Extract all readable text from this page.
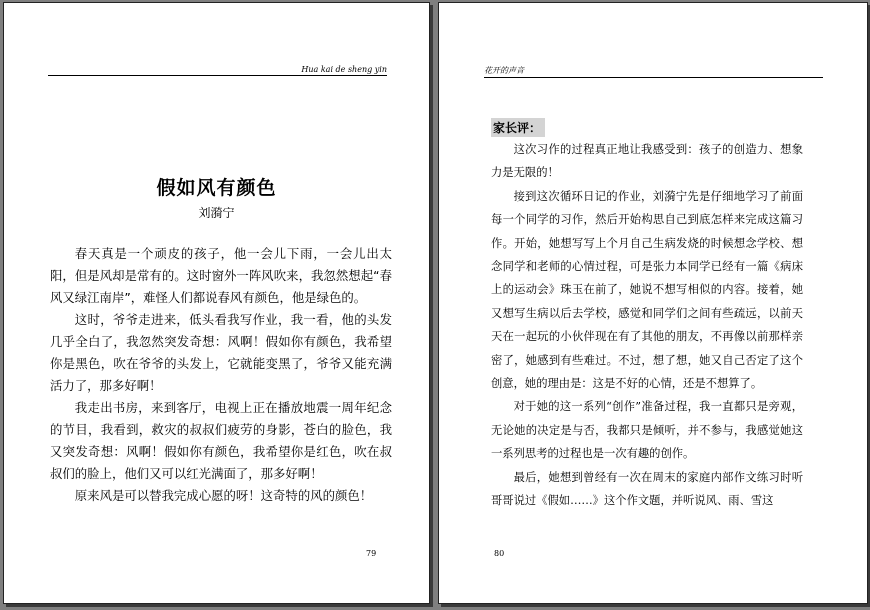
Hua kai de sheng yin
假如风有颜色
刘漪宁

春天真是一个顽皮的孩子，他一会儿下雨，一会儿出太阳，但是风却是常有的。这时窗外一阵风吹来，我忽然想起“春风又绿江南岸”，难怪人们都说春风有颜色，他是绿色的。

这时，爷爷走进来，低头看我写作业，我一看，他的头发几乎全白了，我忽然突发奇想：风啊！假如你有颜色，我希望你是黑色，吹在爷爷的头发上，它就能变黑了，爷爷又能充满活力了，那多好啊！

我走出书房，来到客厅，电视上正在播放地震一周年纪念的节目，我看到，救灾的叔叔们疲劳的身影，苍白的脸色，我又突发奇想：风啊！假如你有颜色，我希望你是红色，吹在叔叔们的脸上，他们又可以红光满面了，那多好啊！

原来风是可以替我完成心愿的呀！这奇特的风的颜色！

79
花开的声音
家长评：

这次习作的过程真正地让我感受到：孩子的创造力、想象力是无限的！

接到这次循环日记的作业，刘漪宁先是仔细地学习了前面每一个同学的习作，然后开始构思自己到底怎样来完成这篇习作。开始，她想写写上个月自己生病发烧的时候想念学校、想念同学和老师的心情过程，可是张力本同学已经有一篇《病床上的运动会》珠玉在前了，她说不想写相似的内容。接着，她又想写生病以后去学校，感觉和同学们之间有些疏远，以前天天在一起玩的小伙伴现在有了其他的朋友，不再像以前那样亲密了，她感到有些难过。不过，想了想，她又自己否定了这个创意，她的理由是：这是不好的心情，还是不想算了。

对于她的这一系列“创作”准备过程，我一直都只是旁观，无论她的决定是与否，我都只是倾听，并不参与，我感觉她这一系列思考的过程也是一次有趣的创作。

最后，她想到曾经有一次在周末的家庭内部作文练习时听哥哥说过《假如……》这个作文题，并听说风、雨、雪这

80
